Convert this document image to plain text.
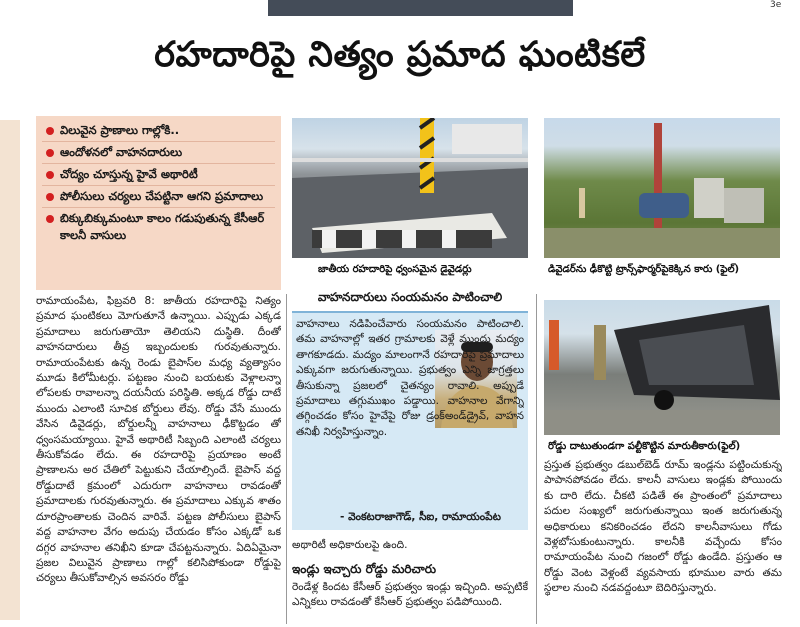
3e
రహదారిపై నిత్యం ప్రమాద ఘంటికలే
విలువైన ప్రాణాలు గాల్లోకి..
ఆందోళనలో వాహనదారులు
చోద్యం చూస్తున్న హైవే అథారిటీ
పోలీసులు చర్యలు చేపట్టినా ఆగని ప్రమాదాలు
బిక్కుబిక్కుమంటూ కాలం గడుపుతున్న కేసీఆర్ కాలనీ వాసులు
జాతీయ రహదారిపై ధ్వంసమైన డైవైడర్లు	డివైడర్‌ను ఢీకొట్టి ట్రాన్స్‌ఫార్మర్‌పైకెక్కిన కారు (ఫైల్)
రోడ్డు దాటుతుండగా పల్టీకొట్టిన మారుతీకారు(ఫైల్)
వాహనదారులు సంయమనం పాటించాలి

వాహనాలు నడిపించేవారు సంయమనం పాటించాలి. తమ వాహనాల్లో ఇతర గ్రామాలకు వెళ్లే ముందు మద్యం తాగకూడదు. మద్యం మాలంగానే రహదారిపై ప్రమాదాలు ఎక్కువగా జరుగుతున్నాయి. ప్రభుత్వం ఎన్ని జాగ్రత్తలు తీసుకున్నా ప్రజలలో చైతన్యం రావాలి. అప్పుడే ప్రమాదాలు తగ్గుముఖం పడ్డాయి. వాహనాల వేగాన్ని తగ్గించడం కోసం హైవేపై రోజు డ్రంక్‌అండ్‌డ్రైవ్, వాహన తనిఖీ నిర్వహిస్తున్నాం.

- వెంకటరాజాగౌడ్, సీఐ, రామాయంపేట

రామాయంపేట, ఫిబ్రవరి 8: జాతీయ రహదారిపై నిత్యం ప్రమాద ఘంటికలు మోగుతూనే ఉన్నాయి. ఎప్పుడు ఎక్కడ ప్రమాదాలు జరుగుతాయో తెలియని దుస్థితి. దీంతో వాహనదారులు తీవ్ర ఇబ్బందులకు గురవుతున్నారు. రామాయంపేటకు ఉన్న రెండు బైపాస్‌ల మధ్య వ్యత్యాసం మూడు కిలోమీటర్లు. పట్టణం నుంచి బయటకు వెళ్లాలన్నా లోపలకు రావాలన్నా దయనీయ పరిస్థితి. అక్కడ రోడ్డు దాటే ముందు ఎలాంటి సూచిక బోర్డులు లేవు. రోడ్డు వేసే ముందు వేసిన డివైడర్లు, బోర్డులన్నీ వాహనాలు ఢీకొట్టడం తో ధ్వంసమయ్యాయి. హైవే అథారిటీ సిబ్బంది ఎలాంటి చర్యలు తీసుకోవడం లేదు. ఈ రహదారిపై ప్రయాణం అంటే ప్రాణాలను అర చేతిలో పెట్టుకుని చేయాల్సిందే. బైపాస్ వద్ద రోడ్డుదాటే క్రమంలో ఎదురుగా వాహనాలు రావడంతో ప్రమాదాలకు గురవుతున్నారు. ఈ ప్రమాదాలు ఎక్కువ శాతం దూరప్రాంతాలకు చెందిన వారివే. పట్టణ పోలీసులు బైపాస్ వద్ద వాహనాల వేగం అదుపు చేయడం కోసం ఎక్కడో ఒక దగ్గర వాహనాల తనిఖీని కూడా చేపట్టనున్నారు. ఏదిఏమైనా ప్రజల విలువైన ప్రాణాలు గాల్లో కలిసిపోకుండా రోడ్డుపై చర్యలు తీసుకోవాల్సిన అవసరం రోడ్డు

అథారిటీ అధికారులపై ఉంది.
ఇండ్లు ఇచ్చారు రోడ్డు మరిచారు

రెండేళ్ల కిందట కేసీఆర్ ప్రభుత్వం ఇండ్లు ఇచ్చింది. అప్పటికే ఎన్నికలు రావడంతో కేసీఆర్ ప్రభుత్వం పడిపోయింది.

ప్రస్తుత ప్రభుత్వం డబుల్‌బెడ్ రూమ్ ఇండ్లను పట్టించుకున్న పాపానపోవడం లేదు. కాలనీ వాసులు ఇండ్లకు పోయిందు కు దారి లేదు. చీకటి పడితే ఈ ప్రాంతంలో ప్రమాదాలు పదుల సంఖ్యలో జరుగుతున్నాయి ఇంత జరుగుతున్న అధికారులు కనికరించడం లేదని కాలనీవాసులు గోడు వెళ్లబోసుకుంటున్నారు. కాలనీకి వచ్చేందు కోసం రామాయంపేట నుంచి గజంలో రోడ్డు ఉండేది. ప్రస్తుతం ఆ రోడ్డు వెంట వెళ్లంటే వ్యవసాయ భూముల వారు తమ స్థలాల నుంచి నడవద్దంటూ బెదిరిస్తున్నారు.
